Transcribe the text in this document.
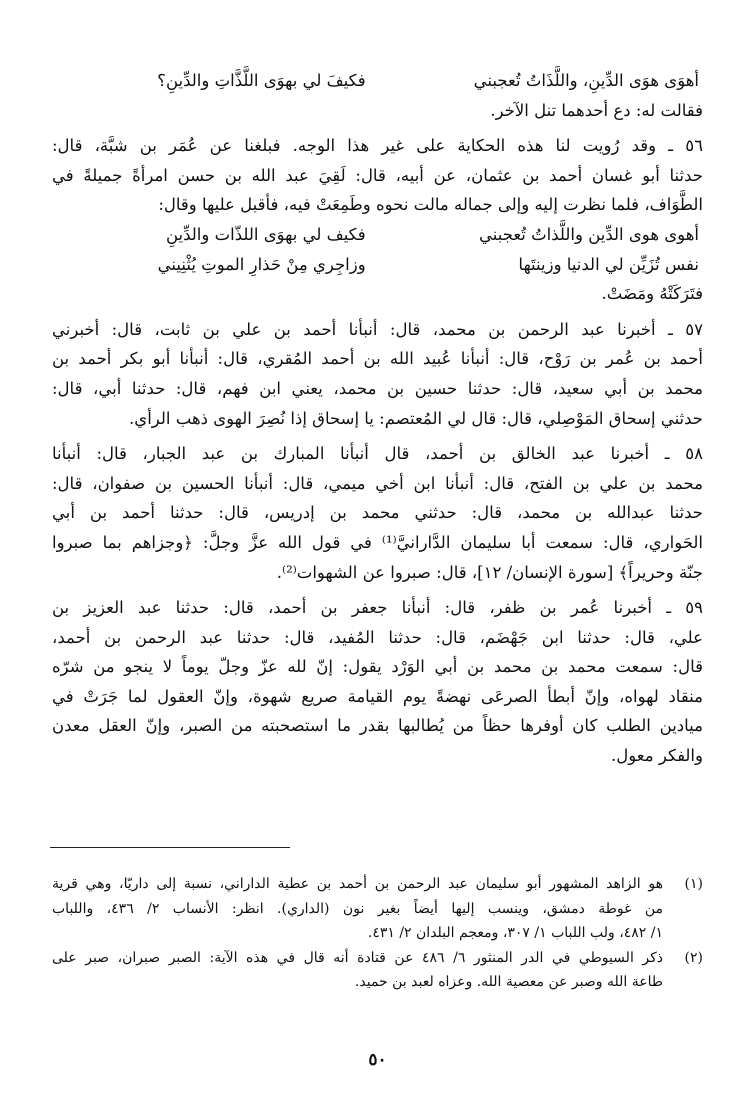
أهوَى هوَى الدِّينِ، واللَّذَاتُ تُعجبني
فكيفَ لي بهوَى اللَّذَّاتِ والدِّينِ؟
فقالت له: دع أحدهما تنل الآخر.
٥٦ ـ وقد رُويت لنا هذه الحكاية على غير هذا الوجه. فبلغنا عن عُمَر بن شبَّة، قال:
حدثنا أبو غسان أحمد بن عثمان، عن أبيه، قال: لَقِيَ عبد الله بن حسن امرأةً جميلةً في
الطَّوَاف، فلما نظرت إليه وإلى جماله مالت نحوه وطَمِعَتْ فيه، فأقبل عليها وقال:
أهوى هوى الدِّين واللَّذاتُ تُعجبني
فكيف لي بهوَى اللذّات والدِّينِ
نفس تُزَيِّن لي الدنيا وزينتَها
وزاجِري مِنْ حَذارِ الموتِ يُثْنِيني
فتَرَكَتْهُ ومَضَتْ.
٥٧ ـ أخبرنا عبد الرحمن بن محمد، قال: أنبأنا أحمد بن علي بن ثابت، قال: أخبرني
أحمد بن عُمر بن رَوْح، قال: أنبأنا عُبيد الله بن أحمد المُقري، قال: أنبأنا أبو بكر أحمد بن
محمد بن أبي سعيد، قال: حدثنا حسين بن محمد، يعني ابن فهم، قال: حدثنا أبي، قال:
حدثني إسحاق المَوْصِلي، قال: قال لي المُعتصم: يا إسحاق إذا نُصِرَ الهوى ذهب الرأي.
٥٨ ـ أخبرنا عبد الخالق بن أحمد، قال أنبأنا المبارك بن عبد الجبار، قال: أنبأنا
محمد بن علي بن الفتح، قال: أنبأنا ابن أخي ميمي، قال: أنبأنا الحسين بن صفوان، قال:
حدثنا عبدالله بن محمد، قال: حدثني محمد بن إدريس، قال: حدثنا أحمد بن أبي
الحَواري، قال: سمعت أبا سليمان الدَّارانيَّ⁽¹⁾ في قول الله عزَّ وجلَّ: ﴿وجزاهم بما صبروا
جنّة وحريراً﴾ [سورة الإنسان/ ١٢]، قال: صبروا عن الشهوات⁽²⁾.
٥٩ ـ أخبرنا عُمر بن ظفر، قال: أنبأنا جعفر بن أحمد، قال: حدثنا عبد العزيز بن
علي، قال: حدثنا ابن جَهْضَم، قال: حدثنا المُفيد، قال: حدثنا عبد الرحمن بن أحمد،
قال: سمعت محمد بن محمد بن أبي الوَرْد يقول: إنّ لله عزّ وجلّ يوماً لا ينجو من شرّه
منقاد لهواه، وإنّ أبطأ الصرعَى نهضةً يوم القيامة صريع شهوة، وإنّ العقول لما جَرَتْ في
ميادين الطلب كان أوفرها حظاً من يُطالبها بقدر ما استصحبته من الصبر، وإنّ العقل معدن
والفكر معول.
(١)
هو الزاهد المشهور أبو سليمان عبد الرحمن بن أحمد بن عطية الداراني، نسبة إلى داريّا، وهي قرية
من غوطة دمشق، وينسب إليها أيضاً بغير نون (الداري). انظر: الأنساب ٢/ ٤٣٦، واللباب
١/ ٤٨٢، ولب اللباب ١/ ٣٠٧، ومعجم البلدان ٢/ ٤٣١.
(٢)
ذكر السيوطي في الدر المنثور ٦/ ٤٨٦ عن قتادة أنه قال في هذه الآية: الصبر صبران، صبر على
طاعة الله وصبر عن معصية الله. وعزاه لعبد بن حميد.
٥٠
